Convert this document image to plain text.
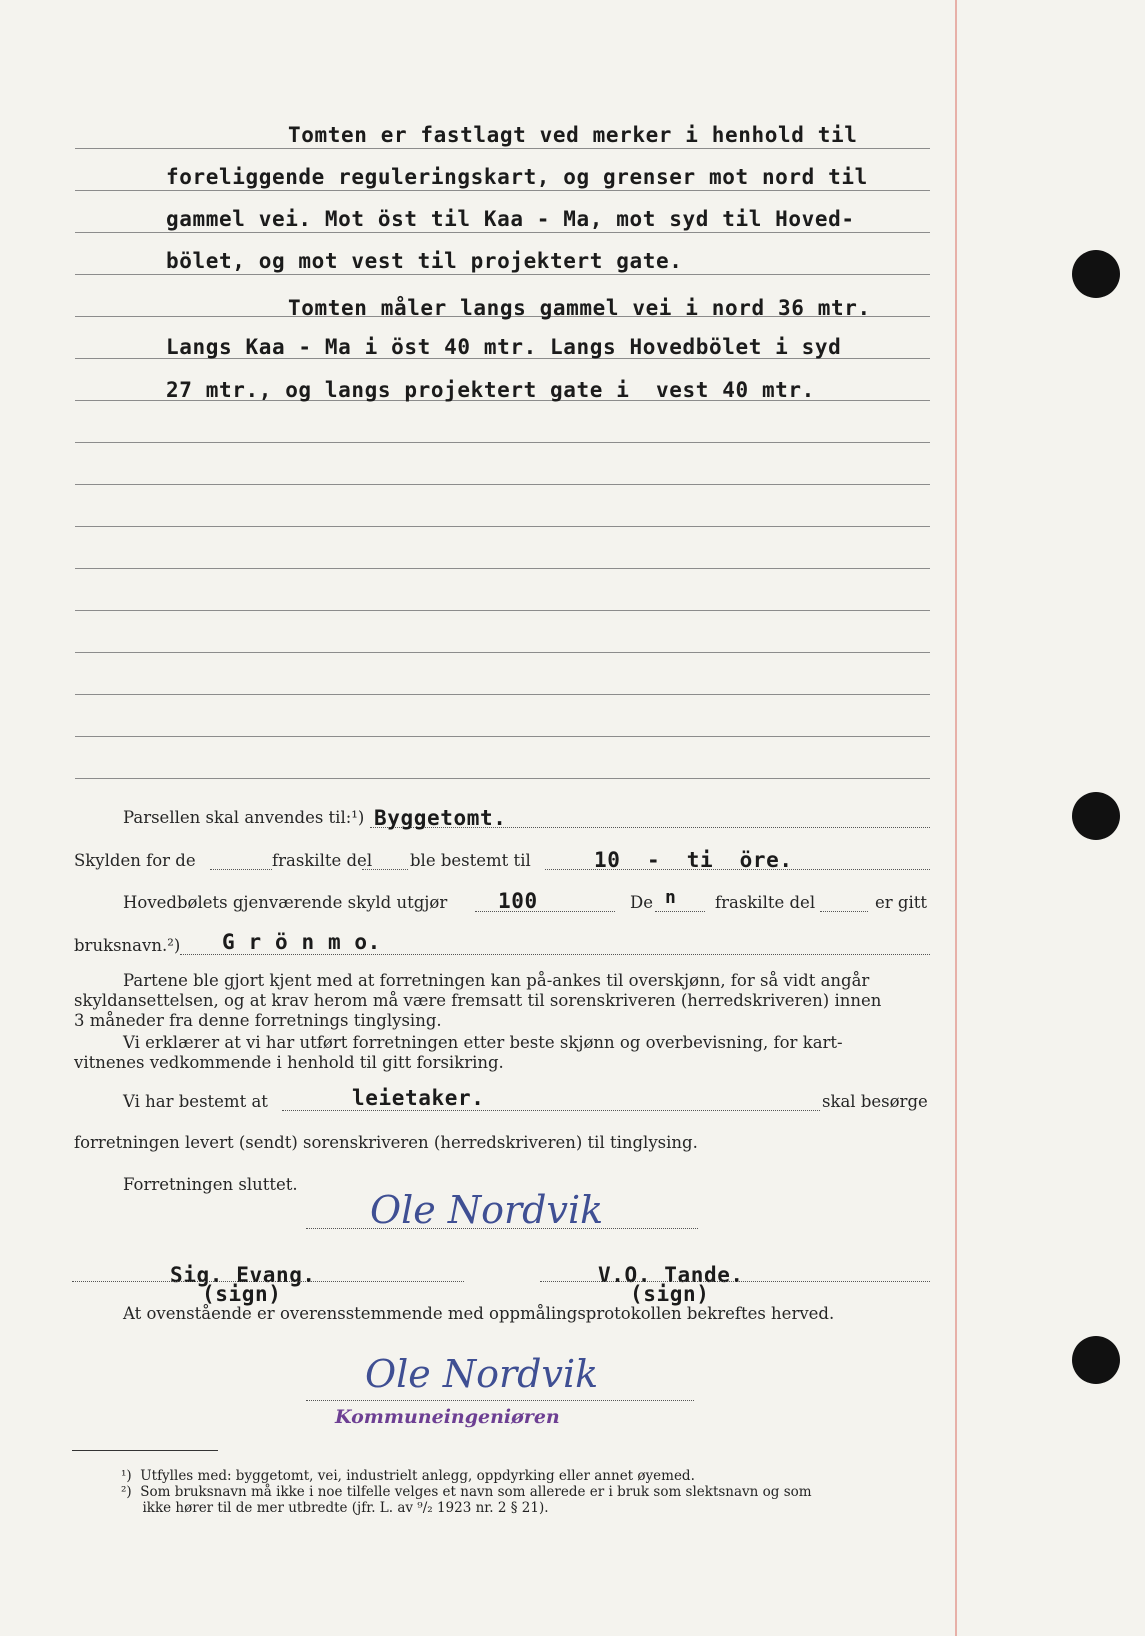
Tomten er fastlagt ved merker i henhold til
foreliggende reguleringskart, og grenser mot nord til
gammel vei. Mot öst til Kaa - Ma, mot syd til Hoved-
bölet, og mot vest til projektert gate.
Tomten måler langs gammel vei i nord 36 mtr.
Langs Kaa - Ma i öst 40 mtr. Langs Hovedbölet i syd
27 mtr., og langs projektert gate i  vest 40 mtr.
Parsellen skal anvendes til:¹) Byggetomt.
Skylden for de	fraskilte del ble bestemt til	10  -  ti  öre.
Hovedbølets gjenværende skyld utgjør 100	De n fraskilte del	er gitt
bruksnavn.²) G r ö n m o.
Partene ble gjort kjent med at forretningen kan på-ankes til overskjønn, for så vidt angår
skyldansettelsen, og at krav herom må være fremsatt til sorenskriveren (herredskriveren) innen
3 måneder fra denne forretnings tinglysing.
Vi erklærer at vi har utført forretningen etter beste skjønn og overbevisning, for kart-
vitnenes vedkommende i henhold til gitt forsikring.
Vi har bestemt at	leietaker.	skal besørge
forretningen levert (sendt) sorenskriveren (herredskriveren) til tinglysing.
Forretningen sluttet.
Ole Nordvik
Sig. Evang.
(sign)
V.O. Tande.
(sign)
At ovenstående er overensstemmende med oppmålingsprotokollen bekreftes herved.
Ole Nordvik
Kommuneingeniøren
¹)  Utfylles med: byggetomt, vei, industrielt anlegg, oppdyrking eller annet øyemed.
²)  Som bruksnavn må ikke i noe tilfelle velges et navn som allerede er i bruk som slektsnavn og som
ikke hører til de mer utbredte (jfr. L. av ⁹/₂ 1923 nr. 2 § 21).
